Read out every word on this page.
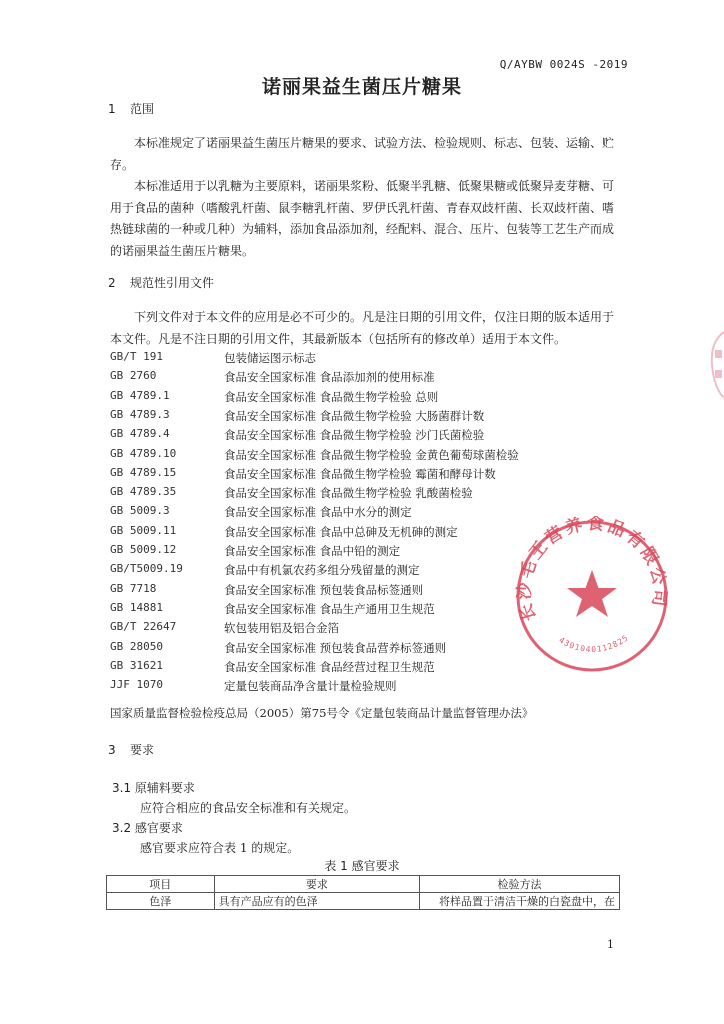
Q/AYBW 0024S -2019
诺丽果益生菌压片糖果
1 范围
本标准规定了诺丽果益生菌压片糖果的要求、试验方法、检验规则、标志、包装、运输、贮存。
本标准适用于以乳糖为主要原料，诺丽果浆粉、低聚半乳糖、低聚果糖或低聚异麦芽糖、可用于食品的菌种（嗜酸乳杆菌、鼠李糖乳杆菌、罗伊氏乳杆菌、青春双歧杆菌、长双歧杆菌、嗜热链球菌的一种或几种）为辅料，添加食品添加剂，经配料、混合、压片、包装等工艺生产而成的诺丽果益生菌压片糖果。
2 规范性引用文件
下列文件对于本文件的应用是必不可少的。凡是注日期的引用文件，仅注日期的版本适用于本文件。凡是不注日期的引用文件，其最新版本（包括所有的修改单）适用于本文件。
GB/T 191	包装储运图示标志
GB 2760	食品安全国家标准 食品添加剂的使用标准
GB 4789.1	食品安全国家标准 食品微生物学检验 总则
GB 4789.3	食品安全国家标准 食品微生物学检验 大肠菌群计数
GB 4789.4	食品安全国家标准 食品微生物学检验 沙门氏菌检验
GB 4789.10	食品安全国家标准 食品微生物学检验 金黄色葡萄球菌检验
GB 4789.15	食品安全国家标准 食品微生物学检验 霉菌和酵母计数
GB 4789.35	食品安全国家标准 食品微生物学检验 乳酸菌检验
GB 5009.3	食品安全国家标准 食品中水分的测定
GB 5009.11	食品安全国家标准 食品中总砷及无机砷的测定
GB 5009.12	食品安全国家标准 食品中铅的测定
GB/T5009.19	食品中有机氯农药多组分残留量的测定
GB 7718	食品安全国家标准 预包装食品标签通则
GB 14881	食品安全国家标准 食品生产通用卫生规范
GB/T 22647	软包装用铝及铝合金箔
GB 28050	食品安全国家标准 预包装食品营养标签通则
GB 31621	食品安全国家标准 食品经营过程卫生规范
JJF 1070	定量包装商品净含量计量检验规则
国家质量监督检验检疫总局（2005）第75号令《定量包装商品计量监督管理办法》
3 要求
3.1 原辅料要求
应符合相应的食品安全标准和有关规定。
3.2 感官要求
感官要求应符合表 1 的规定。
表 1 感官要求
项目	要求	检验方法
色泽	具有产品应有的色泽	将样品置于清洁干燥的白瓷盘中，在
1
长沙毛王营养食品有限公司
4301040112825
